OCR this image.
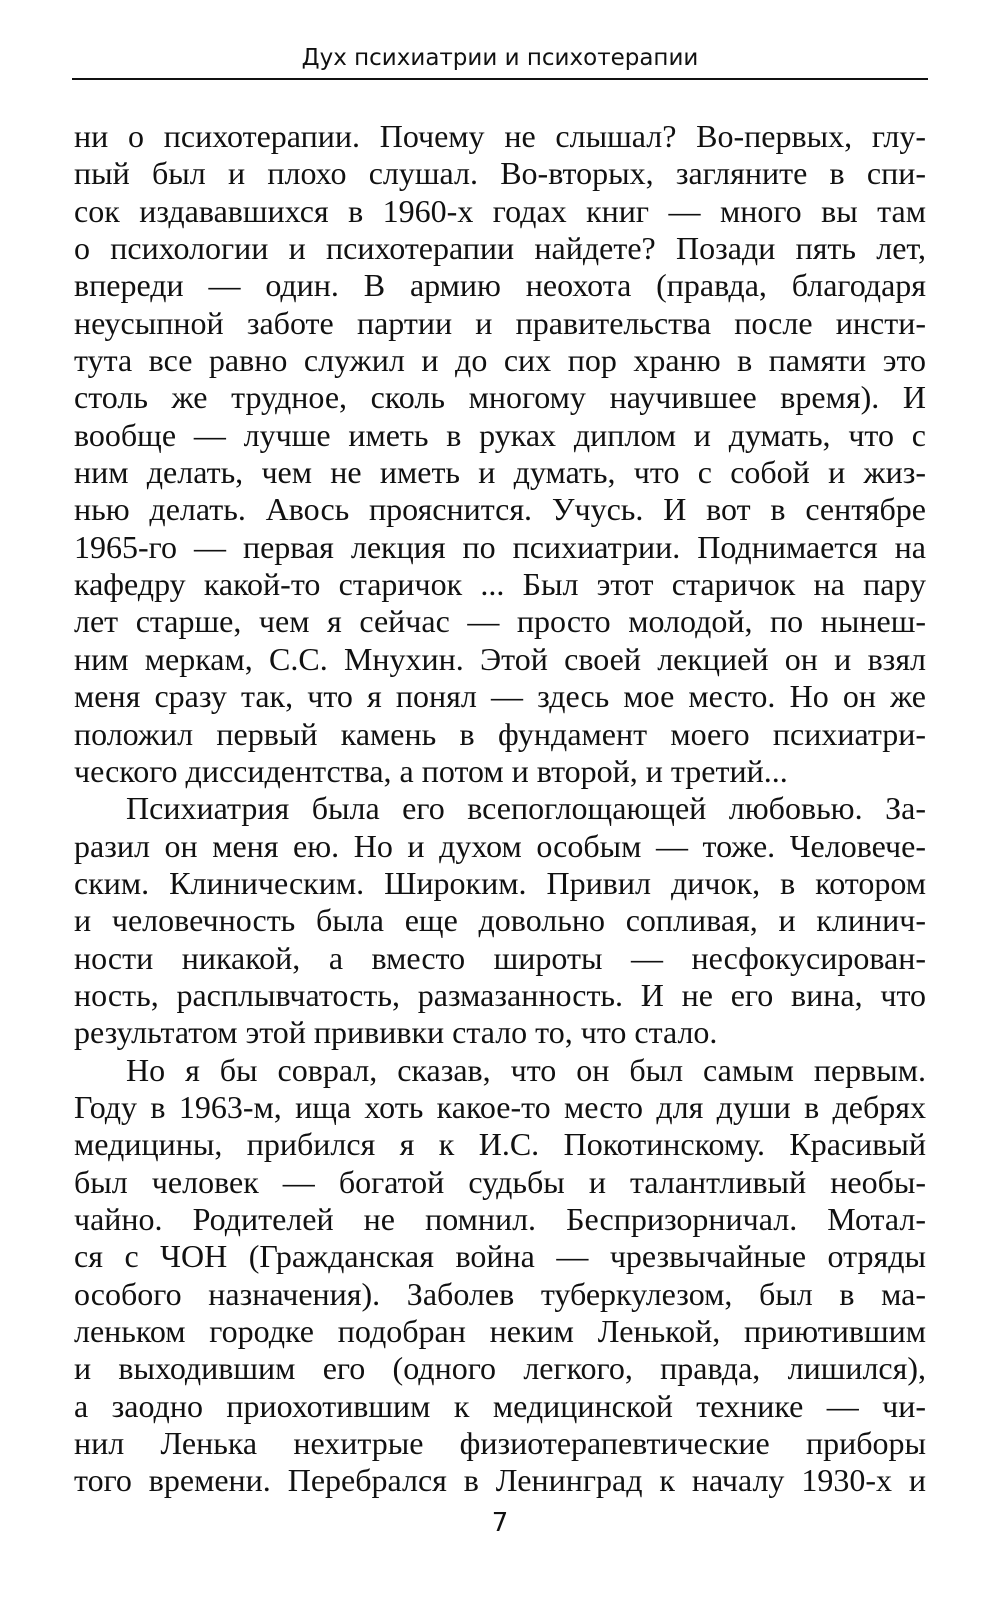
Дух психиатрии и психотерапии
ни о психотерапии. Почему не слышал? Во-первых, глу-
пый был и плохо слушал. Во-вторых, загляните в спи-
сок издававшихся в 1960-х годах книг — много вы там
о психологии и психотерапии найдете? Позади пять лет,
впереди — один. В армию неохота (правда, благодаря
неусыпной заботе партии и правительства после инсти-
тута все равно служил и до сих пор храню в памяти это
столь же трудное, сколь многому научившее время). И
вообще — лучше иметь в руках диплом и думать, что с
ним делать, чем не иметь и думать, что с собой и жиз-
нью делать. Авось прояснится. Учусь. И вот в сентябре
1965-го — первая лекция по психиатрии. Поднимается на
кафедру какой-то старичок ... Был этот старичок на пару
лет старше, чем я сейчас — просто молодой, по нынеш-
ним меркам, С.С. Мнухин. Этой своей лекцией он и взял
меня сразу так, что я понял — здесь мое место. Но он же
положил первый камень в фундамент моего психиатри-
ческого диссидентства, а потом и второй, и третий...
Психиатрия была его всепоглощающей любовью. За-
разил он меня ею. Но и духом особым — тоже. Человече-
ским. Клиническим. Широким. Привил дичок, в котором
и человечность была еще довольно сопливая, и клинич-
ности никакой, а вместо широты — несфокусирован-
ность, расплывчатость, размазанность. И не его вина, что
результатом этой прививки стало то, что стало.
Но я бы соврал, сказав, что он был самым первым.
Году в 1963-м, ища хоть какое-то место для души в дебрях
медицины, прибился я к И.С. Покотинскому. Красивый
был человек — богатой судьбы и талантливый необы-
чайно. Родителей не помнил. Беспризорничал. Мотал-
ся с ЧОН (Гражданская война — чрезвычайные отряды
особого назначения). Заболев туберкулезом, был в ма-
леньком городке подобран неким Ленькой, приютившим
и выходившим его (одного легкого, правда, лишился),
а заодно приохотившим к медицинской технике — чи-
нил Ленька нехитрые физиотерапевтические приборы
того времени. Перебрался в Ленинград к началу 1930-х и
7
